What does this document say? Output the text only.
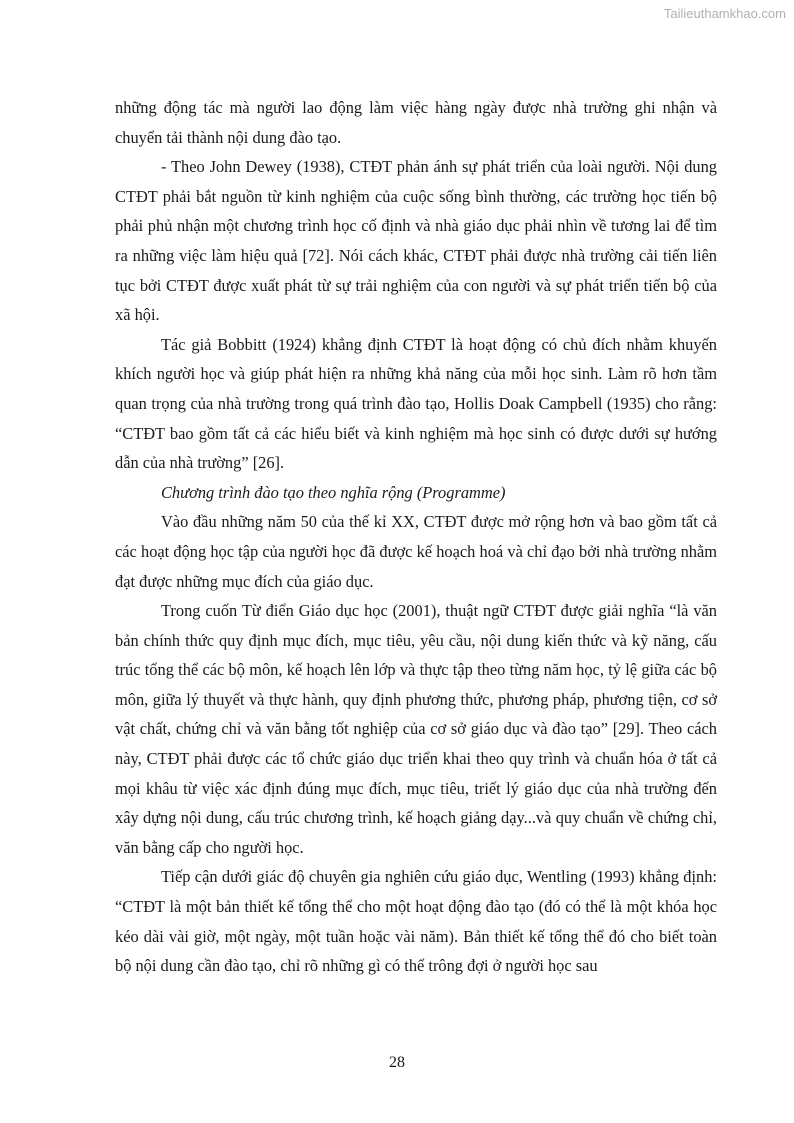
Tailieuthamkhao.com

những động tác mà người lao động làm việc hàng ngày được nhà trường ghi nhận và chuyển tải thành nội dung đào tạo.

- Theo John Dewey (1938), CTĐT phản ánh sự phát triển của loài người. Nội dung CTĐT phải bắt nguồn từ kinh nghiệm của cuộc sống bình thường, các trường học tiến bộ phải phủ nhận một chương trình học cố định và nhà giáo dục phải nhìn về tương lai để tìm ra những việc làm hiệu quả [72]. Nói cách khác, CTĐT phải được nhà trường cải tiến liên tục bởi CTĐT được xuất phát từ sự trải nghiệm của con người và sự phát triển tiến bộ của xã hội.

Tác giả Bobbitt (1924) khẳng định CTĐT là hoạt động có chủ đích nhằm khuyến khích người học và giúp phát hiện ra những khả năng của mỗi học sinh. Làm rõ hơn tầm quan trọng của nhà trường trong quá trình đào tạo, Hollis Doak Campbell (1935) cho rằng: “CTĐT bao gồm tất cả các hiểu biết và kinh nghiệm mà học sinh có được dưới sự hướng dẫn của nhà trường” [26].

Chương trình đào tạo theo nghĩa rộng (Programme)

Vào đầu những năm 50 của thế kỉ XX, CTĐT được mở rộng hơn và bao gồm tất cả các hoạt động học tập của người học đã được kế hoạch hoá và chỉ đạo bởi nhà trường nhằm đạt được những mục đích của giáo dục.

Trong cuốn Từ điển Giáo dục học (2001), thuật ngữ CTĐT được giải nghĩa “là văn bản chính thức quy định mục đích, mục tiêu, yêu cầu, nội dung kiến thức và kỹ năng, cấu trúc tổng thể các bộ môn, kế hoạch lên lớp và thực tập theo từng năm học, tỷ lệ giữa các bộ môn, giữa lý thuyết và thực hành, quy định phương thức, phương pháp, phương tiện, cơ sở vật chất, chứng chỉ và văn bằng tốt nghiệp của cơ sở giáo dục và đào tạo” [29]. Theo cách này, CTĐT phải được các tổ chức giáo dục triển khai theo quy trình và chuẩn hóa ở tất cả mọi khâu từ việc xác định đúng mục đích, mục tiêu, triết lý giáo dục của nhà trường đến xây dựng nội dung, cấu trúc chương trình, kế hoạch giảng dạy...và quy chuẩn về chứng chỉ, văn bằng cấp cho người học.

Tiếp cận dưới giác độ chuyên gia nghiên cứu giáo dục, Wentling (1993) khẳng định: “CTĐT là một bản thiết kế tổng thể cho một hoạt động đào tạo (đó có thể là một khóa học kéo dài vài giờ, một ngày, một tuần hoặc vài năm). Bản thiết kế tổng thể đó cho biết toàn bộ nội dung cần đào tạo, chỉ rõ những gì có thể trông đợi ở người học sau

28
